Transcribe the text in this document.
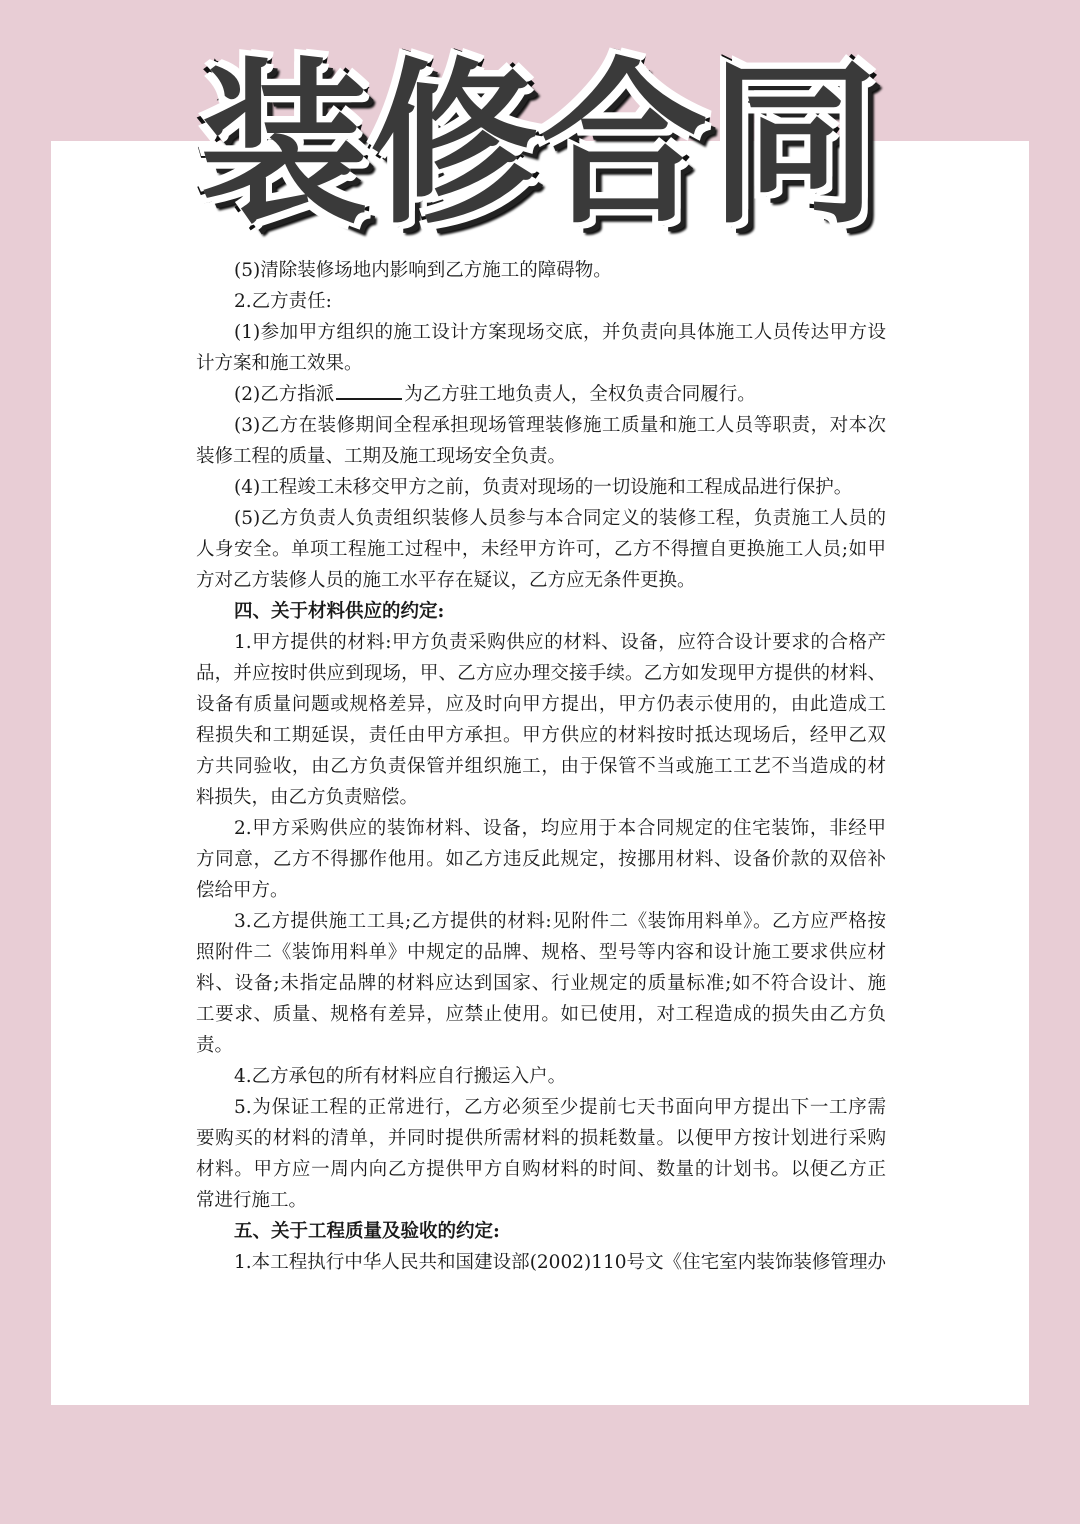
装修合同
(5)清除装修场地内影响到乙方施工的障碍物。
2.乙方责任:
(1)参加甲方组织的施工设计方案现场交底，并负责向具体施工人员传达甲方设
计方案和施工效果。
(2)乙方指派	为乙方驻工地负责人，全权负责合同履行。
(3)乙方在装修期间全程承担现场管理装修施工质量和施工人员等职责，对本次
装修工程的质量、工期及施工现场安全负责。
(4)工程竣工未移交甲方之前，负责对现场的一切设施和工程成品进行保护。
(5)乙方负责人负责组织装修人员参与本合同定义的装修工程，负责施工人员的
人身安全。单项工程施工过程中，未经甲方许可，乙方不得擅自更换施工人员;如甲
方对乙方装修人员的施工水平存在疑议，乙方应无条件更换。
四、关于材料供应的约定:
1.甲方提供的材料:甲方负责采购供应的材料、设备，应符合设计要求的合格产
品，并应按时供应到现场，甲、乙方应办理交接手续。乙方如发现甲方提供的材料、
设备有质量问题或规格差异，应及时向甲方提出，甲方仍表示使用的，由此造成工
程损失和工期延误，责任由甲方承担。甲方供应的材料按时抵达现场后，经甲乙双
方共同验收，由乙方负责保管并组织施工，由于保管不当或施工工艺不当造成的材
料损失，由乙方负责赔偿。
2.甲方采购供应的装饰材料、设备，均应用于本合同规定的住宅装饰，非经甲
方同意，乙方不得挪作他用。如乙方违反此规定，按挪用材料、设备价款的双倍补
偿给甲方。
3.乙方提供施工工具;乙方提供的材料:见附件二《装饰用料单》。乙方应严格按
照附件二《装饰用料单》中规定的品牌、规格、型号等内容和设计施工要求供应材
料、设备;未指定品牌的材料应达到国家、行业规定的质量标准;如不符合设计、施
工要求、质量、规格有差异，应禁止使用。如已使用，对工程造成的损失由乙方负
责。
4.乙方承包的所有材料应自行搬运入户。
5.为保证工程的正常进行，乙方必须至少提前七天书面向甲方提出下一工序需
要购买的材料的清单，并同时提供所需材料的损耗数量。以便甲方按计划进行采购
材料。甲方应一周内向乙方提供甲方自购材料的时间、数量的计划书。以便乙方正
常进行施工。
五、关于工程质量及验收的约定:
1.本工程执行中华人民共和国建设部(2002)110号文《住宅室内装饰装修管理办
